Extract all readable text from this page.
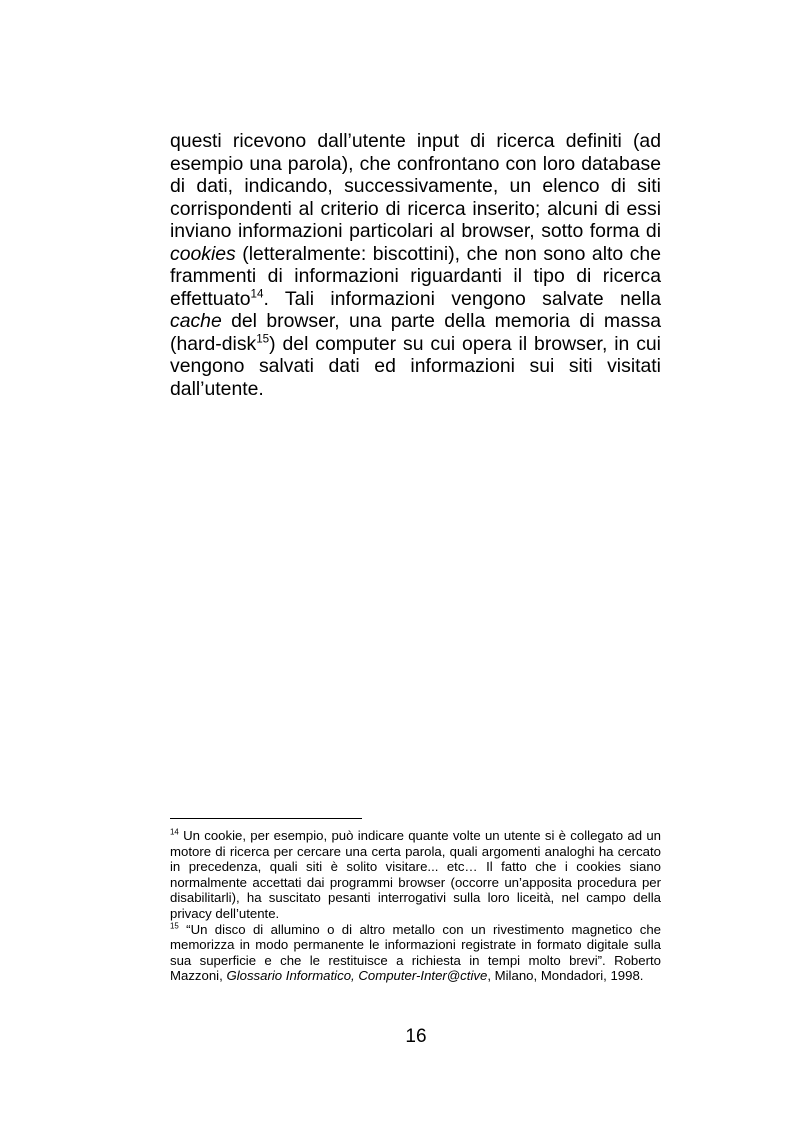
questi ricevono dall’utente input di ricerca definiti (ad esempio una parola), che confrontano con loro database di dati, indicando, successivamente, un elenco di siti corrispondenti al criterio di ricerca inserito; alcuni di essi inviano informazioni particolari al browser, sotto forma di cookies (letteralmente: biscottini), che non sono alto che frammenti di informazioni riguardanti il tipo di ricerca effettuato$^{14}$. Tali informazioni vengono salvate nella cache del browser, una parte della memoria di massa (hard-disk$^{15}$) del computer su cui opera il browser, in cui vengono salvati dati ed informazioni sui siti visitati dall’utente.

$^{14}$ Un cookie, per esempio, può indicare quante volte un utente si è collegato ad un motore di ricerca per cercare una certa parola, quali argomenti analoghi ha cercato in precedenza, quali siti è solito visitare... etc… Il fatto che i cookies siano normalmente accettati dai programmi browser (occorre un’apposita procedura per disabilitarli), ha suscitato pesanti interrogativi sulla loro liceità, nel campo della privacy dell’utente.

$^{15}$ “Un disco di allumino o di altro metallo con un rivestimento magnetico che memorizza in modo permanente le informazioni registrate in formato digitale sulla sua superficie e che le restituisce a richiesta in tempi molto brevi”. Roberto Mazzoni, Glossario Informatico, Computer-Inter@ctive, Milano, Mondadori, 1998.

16
